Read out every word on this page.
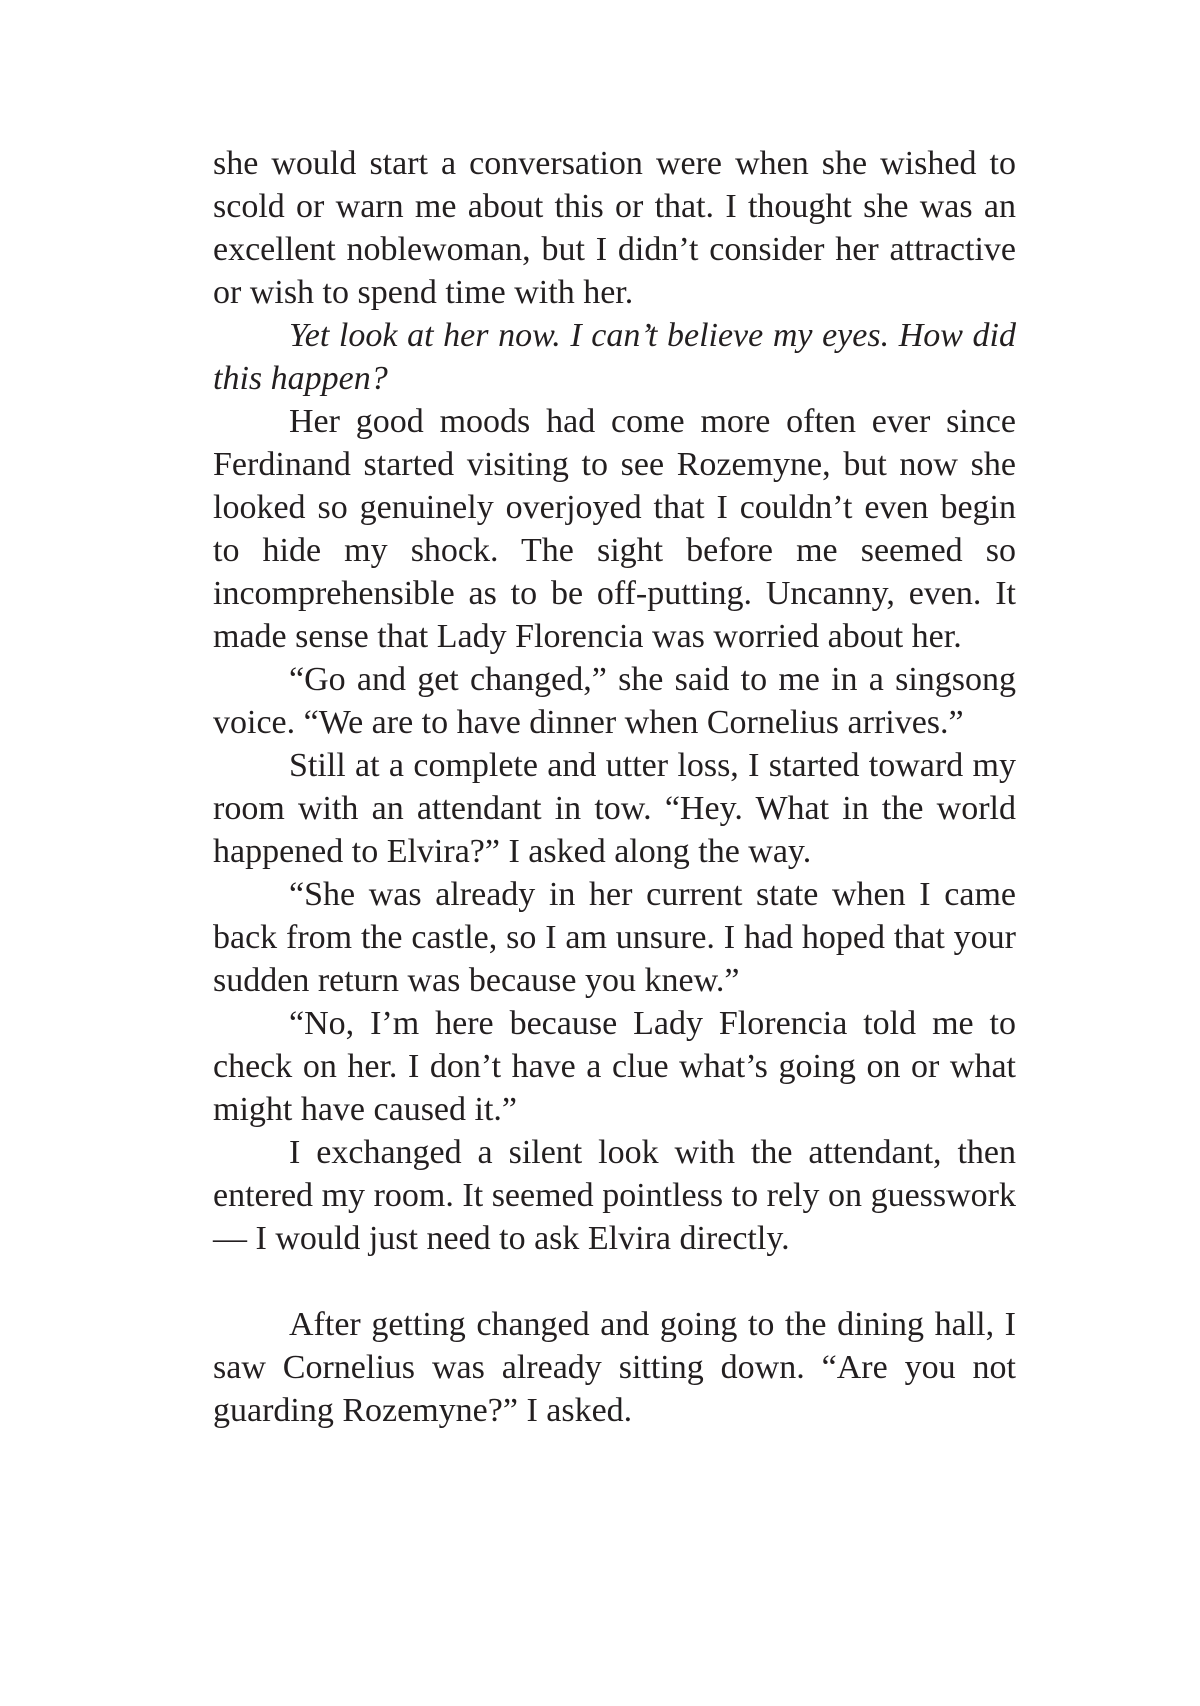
she would start a conversation were when she wished to scold or warn me about this or that. I thought she was an excellent noblewoman, but I didn’t consider her attractive or wish to spend time with her.

Yet look at her now. I can’t believe my eyes. How did this happen?

Her good moods had come more often ever since Ferdinand started visiting to see Rozemyne, but now she looked so genuinely overjoyed that I couldn’t even begin to hide my shock. The sight before me seemed so incomprehensible as to be off-putting. Uncanny, even. It made sense that Lady Florencia was worried about her.

“Go and get changed,” she said to me in a singsong voice. “We are to have dinner when Cornelius arrives.”

Still at a complete and utter loss, I started toward my room with an attendant in tow. “Hey. What in the world happened to Elvira?” I asked along the way.

“She was already in her current state when I came back from the castle, so I am unsure. I had hoped that your sudden return was because you knew.”

“No, I’m here because Lady Florencia told me to check on her. I don’t have a clue what’s going on or what might have caused it.”

I exchanged a silent look with the attendant, then entered my room. It seemed pointless to rely on guesswork— I would just need to ask Elvira directly.

After getting changed and going to the dining hall, I saw Cornelius was already sitting down. “Are you not guarding Rozemyne?” I asked.
